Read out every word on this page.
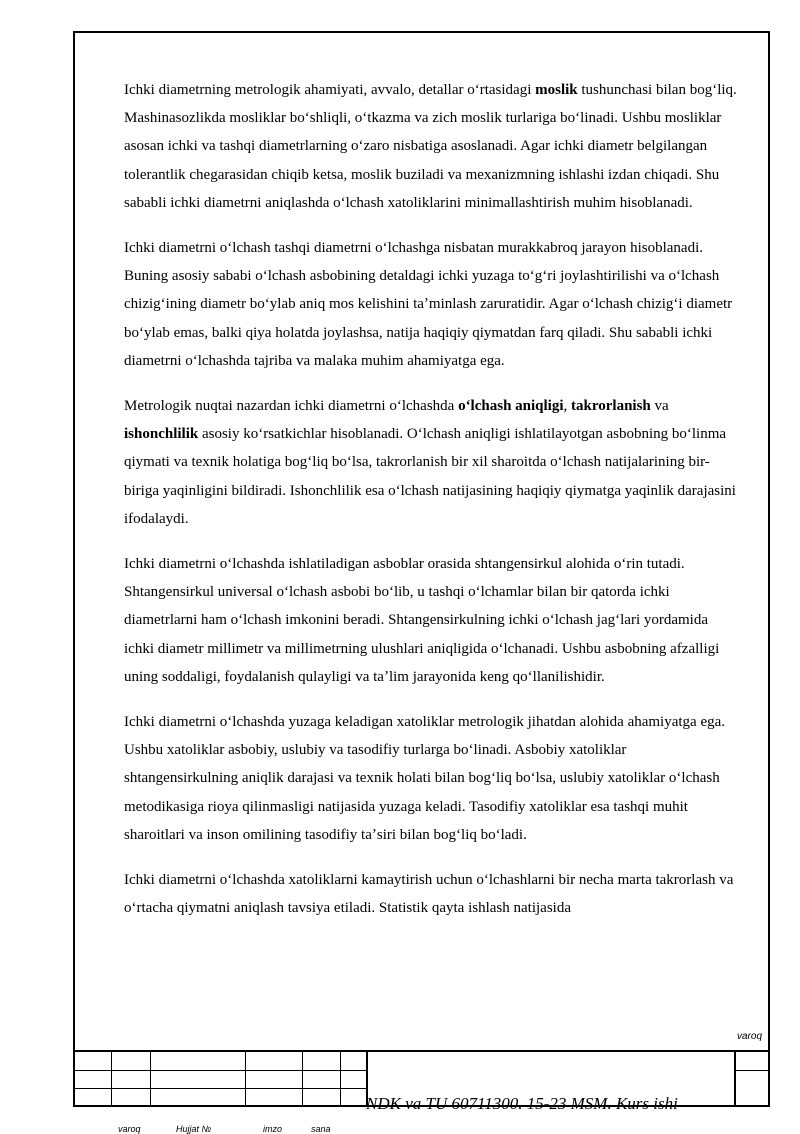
Ichki diametrning metrologik ahamiyati, avvalo, detallar oʻrtasidagi moslik tushunchasi bilan bogʻliq. Mashinasozlikda mosliklar boʻshliqli, oʻtkazma va zich moslik turlariga boʻlinadi. Ushbu mosliklar asosan ichki va tashqi diametrlarning oʻzaro nisbatiga asoslanadi. Agar ichki diametr belgilangan tolerantlik chegarasidan chiqib ketsa, moslik buziladi va mexanizmning ishlashi izdan chiqadi. Shu sababli ichki diametrni aniqlashda oʻlchash xatoliklarini minimallashtirish muhim hisoblanadi.

Ichki diametrni oʻlchash tashqi diametrni oʻlchashga nisbatan murakkabroq jarayon hisoblanadi. Buning asosiy sababi oʻlchash asbobining detaldagi ichki yuzaga toʻgʻri joylashtirilishi va oʻlchash chizigʻining diametr boʻylab aniq mos kelishini taʼminlash zaruratidir. Agar oʻlchash chizigʻi diametr boʻylab emas, balki qiya holatda joylashsa, natija haqiqiy qiymatdan farq qiladi. Shu sababli ichki diametrni oʻlchashda tajriba va malaka muhim ahamiyatga ega.

Metrologik nuqtai nazardan ichki diametrni oʻlchashda oʻlchash aniqligi, takrorlanish va ishonchlilik asosiy koʻrsatkichlar hisoblanadi. Oʻlchash aniqligi ishlatilayotgan asbobning boʻlinma qiymati va texnik holatiga bogʻliq boʻlsa, takrorlanish bir xil sharoitda oʻlchash natijalarining bir-biriga yaqinligini bildiradi. Ishonchlilik esa oʻlchash natijasining haqiqiy qiymatga yaqinlik darajasini ifodalaydi.

Ichki diametrni oʻlchashda ishlatiladigan asboblar orasida shtangensirkul alohida oʻrin tutadi. Shtangensirkul universal oʻlchash asbobi boʻlib, u tashqi oʻlchamlar bilan bir qatorda ichki diametrlarni ham oʻlchash imkonini beradi. Shtangensirkulning ichki oʻlchash jagʻlari yordamida ichki diametr millimetr va millimetrning ulushlari aniqligida oʻlchanadi. Ushbu asbobning afzalligi uning soddaligi, foydalanish qulayligi va taʼlim jarayonida keng qoʻllanilishidir.

Ichki diametrni oʻlchashda yuzaga keladigan xatoliklar metrologik jihatdan alohida ahamiyatga ega. Ushbu xatoliklar asbobiy, uslubiy va tasodifiy turlarga boʻlinadi. Asbobiy xatoliklar shtangensirkulning aniqlik darajasi va texnik holati bilan bogʻliq boʻlsa, uslubiy xatoliklar oʻlchash metodikasiga rioya qilinmasligi natijasida yuzaga keladi. Tasodifiy xatoliklar esa tashqi muhit sharoitlari va inson omilining tasodifiy taʼsiri bilan bogʻliq boʻladi.

Ichki diametrni oʻlchashda xatoliklarni kamaytirish uchun oʻlchashlarni bir necha marta takrorlash va oʻrtacha qiymatni aniqlash tavsiya etiladi. Statistik qayta ishlash natijasida

varoq
NDK va TU 60711300. 15-23 MSM. Kurs ishi
varoq	Hujjat №	imzo	sana
